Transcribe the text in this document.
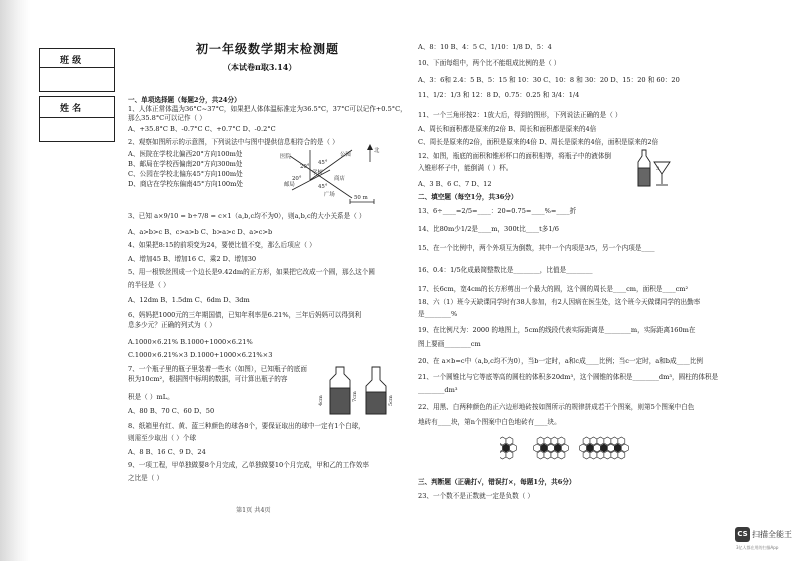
班 级
姓 名
初一年级数学期末检测题
（本试卷π取3.14）
一、单项选择题（每题2分，共24分）
1、人体正常体温为36°C~37°C，如果把人体体温标准定为36.5°C，37°C可以记作+0.5°C，
那么35.8°C可以记作（ ）
A、+35.8°C B、-0.7°C C、+0.7°C D、-0.2°C
2、观察如图所示的示意图，下列说法中与图中提供信息相符合的是（ ）
A、医院在学校北偏西20°方向100m处
B、邮局在学校西偏南20°方向300m处
C、公园在学校北偏东45°方向100m处
D、商店在学校东偏南45°方向100m处
3、已知 a×9/10 = b÷7/8 = c×1（a,b,c均不为0），则a,b,c的大小关系是（ ）
A、a>b>c B、c>a>b C、b>a>c D、a>c>b
4、如果把8:15的前项变为24，要使比值不变，那么后项应（ ）
A、增加45 B、增加16 C、乘2 D、增加30
5、用一根铁丝围成一个边长是9.42dm的正方形，如果把它改成一个圆，那么这个圆
的半径是（ ）
A、12dm B、1.5dm C、6dm D、3dm
6、妈妈把1000元的三年期国债，已知年利率是6.21%，三年后妈妈可以得到利
息多少元？正确的列式为（ ）
A.1000×6.21% B.1000+1000×6.21%
C.1000×6.21%×3 D.1000+1000×6.21%×3
7、一个瓶子里的瓶子里装着一些水（如图），已知瓶子的底面
积为10cm²，根据图中标明的数据，可计算出瓶子的容
积是（ ）mL。
A、80 B、70 C、60 D、50
8、纸箱里有红、黄、蓝三种颜色的球各8个，要保证取出的球中一定有1个白球，
则需至少取出（ ）个球
A、8 B、16 C、9 D、24
9、一项工程，甲单独做要8个月完成，乙单独做要10个月完成，甲和乙的工作效率
之比是（ ）
医院	公园
北
学校
邮局
商店
广场
20°
45°
20°
45°
50 m
4cm	7cm	5cm
第1页 共4页
A、8：10 B、4：5 C、1/10：1/8 D、5：4
10、下面每组中，两个比不能组成比例的是（ ）
A、3：6和 2.4：5 B、5：15 和 10：30 C、10：8 和 30：20 D、15：20 和 60：20
11、1/2：1/3 和 12：8 D、0.75：0.25 和 3/4：1/4
11、一个三角形按2：1放大后，得到的图形，下列说法正确的是（ ）
A、周长和面积都是原来的2倍 B、周长和面积都是原来的4倍
C、周长是原来的2倍，面积是原来的4倍 D、周长是原来的4倍，面积是原来的2倍
12、如图，瓶底的面积和锥形杯口的面积相等，将瓶子中的液体倒
入锥形杯子中，能倒满（ ）杯。
A、3 B、6 C、7 D、12
二、填空题（每空1分，共36分）
13、6÷____=2/5=____：20=0.75=____%=____折
14、比80m少1/2是____m，300t比____t多1/6
15、在一个比例中，两个外项互为倒数，其中一个内项是3/5，另一个内项是____
16、0.4：1/5化成最简整数比是________，比值是________
17、长6cm，宽4cm的长方形剪出一个最大的圆，这个圆的周长是____cm，面积是____cm²
18、六（1）班今天缺课同学时有38人参加，有2人因病在医生处，这个班今天做课同学的出勤率
是________%
19、在比例尺为：2000 的地图上，5cm的线段代表实际距离是________m，实际距离160m在
图上要画________cm
20、在 a×b=c中（a,b,c均不为0），当b一定时，a和c成____比例；当c一定时，a和b成____比例
21、一个圆锥比与它等底等高的圆柱的体积多20dm³，这个圆锥的体积是________dm³，圆柱的体积是
________dm³
22、用黑、白两种颜色的正六边形地砖按如图所示的规律拼成若干个图案，则第5个图案中白色
地砖有____块，第n个图案中白色地砖有____块。
三、判断题（正确打√，错误打×，每题1分，共6分）
23、一个数不是正数就一定是负数（ ）
3
CS 扫描全能王
3亿人都在用的扫描App
